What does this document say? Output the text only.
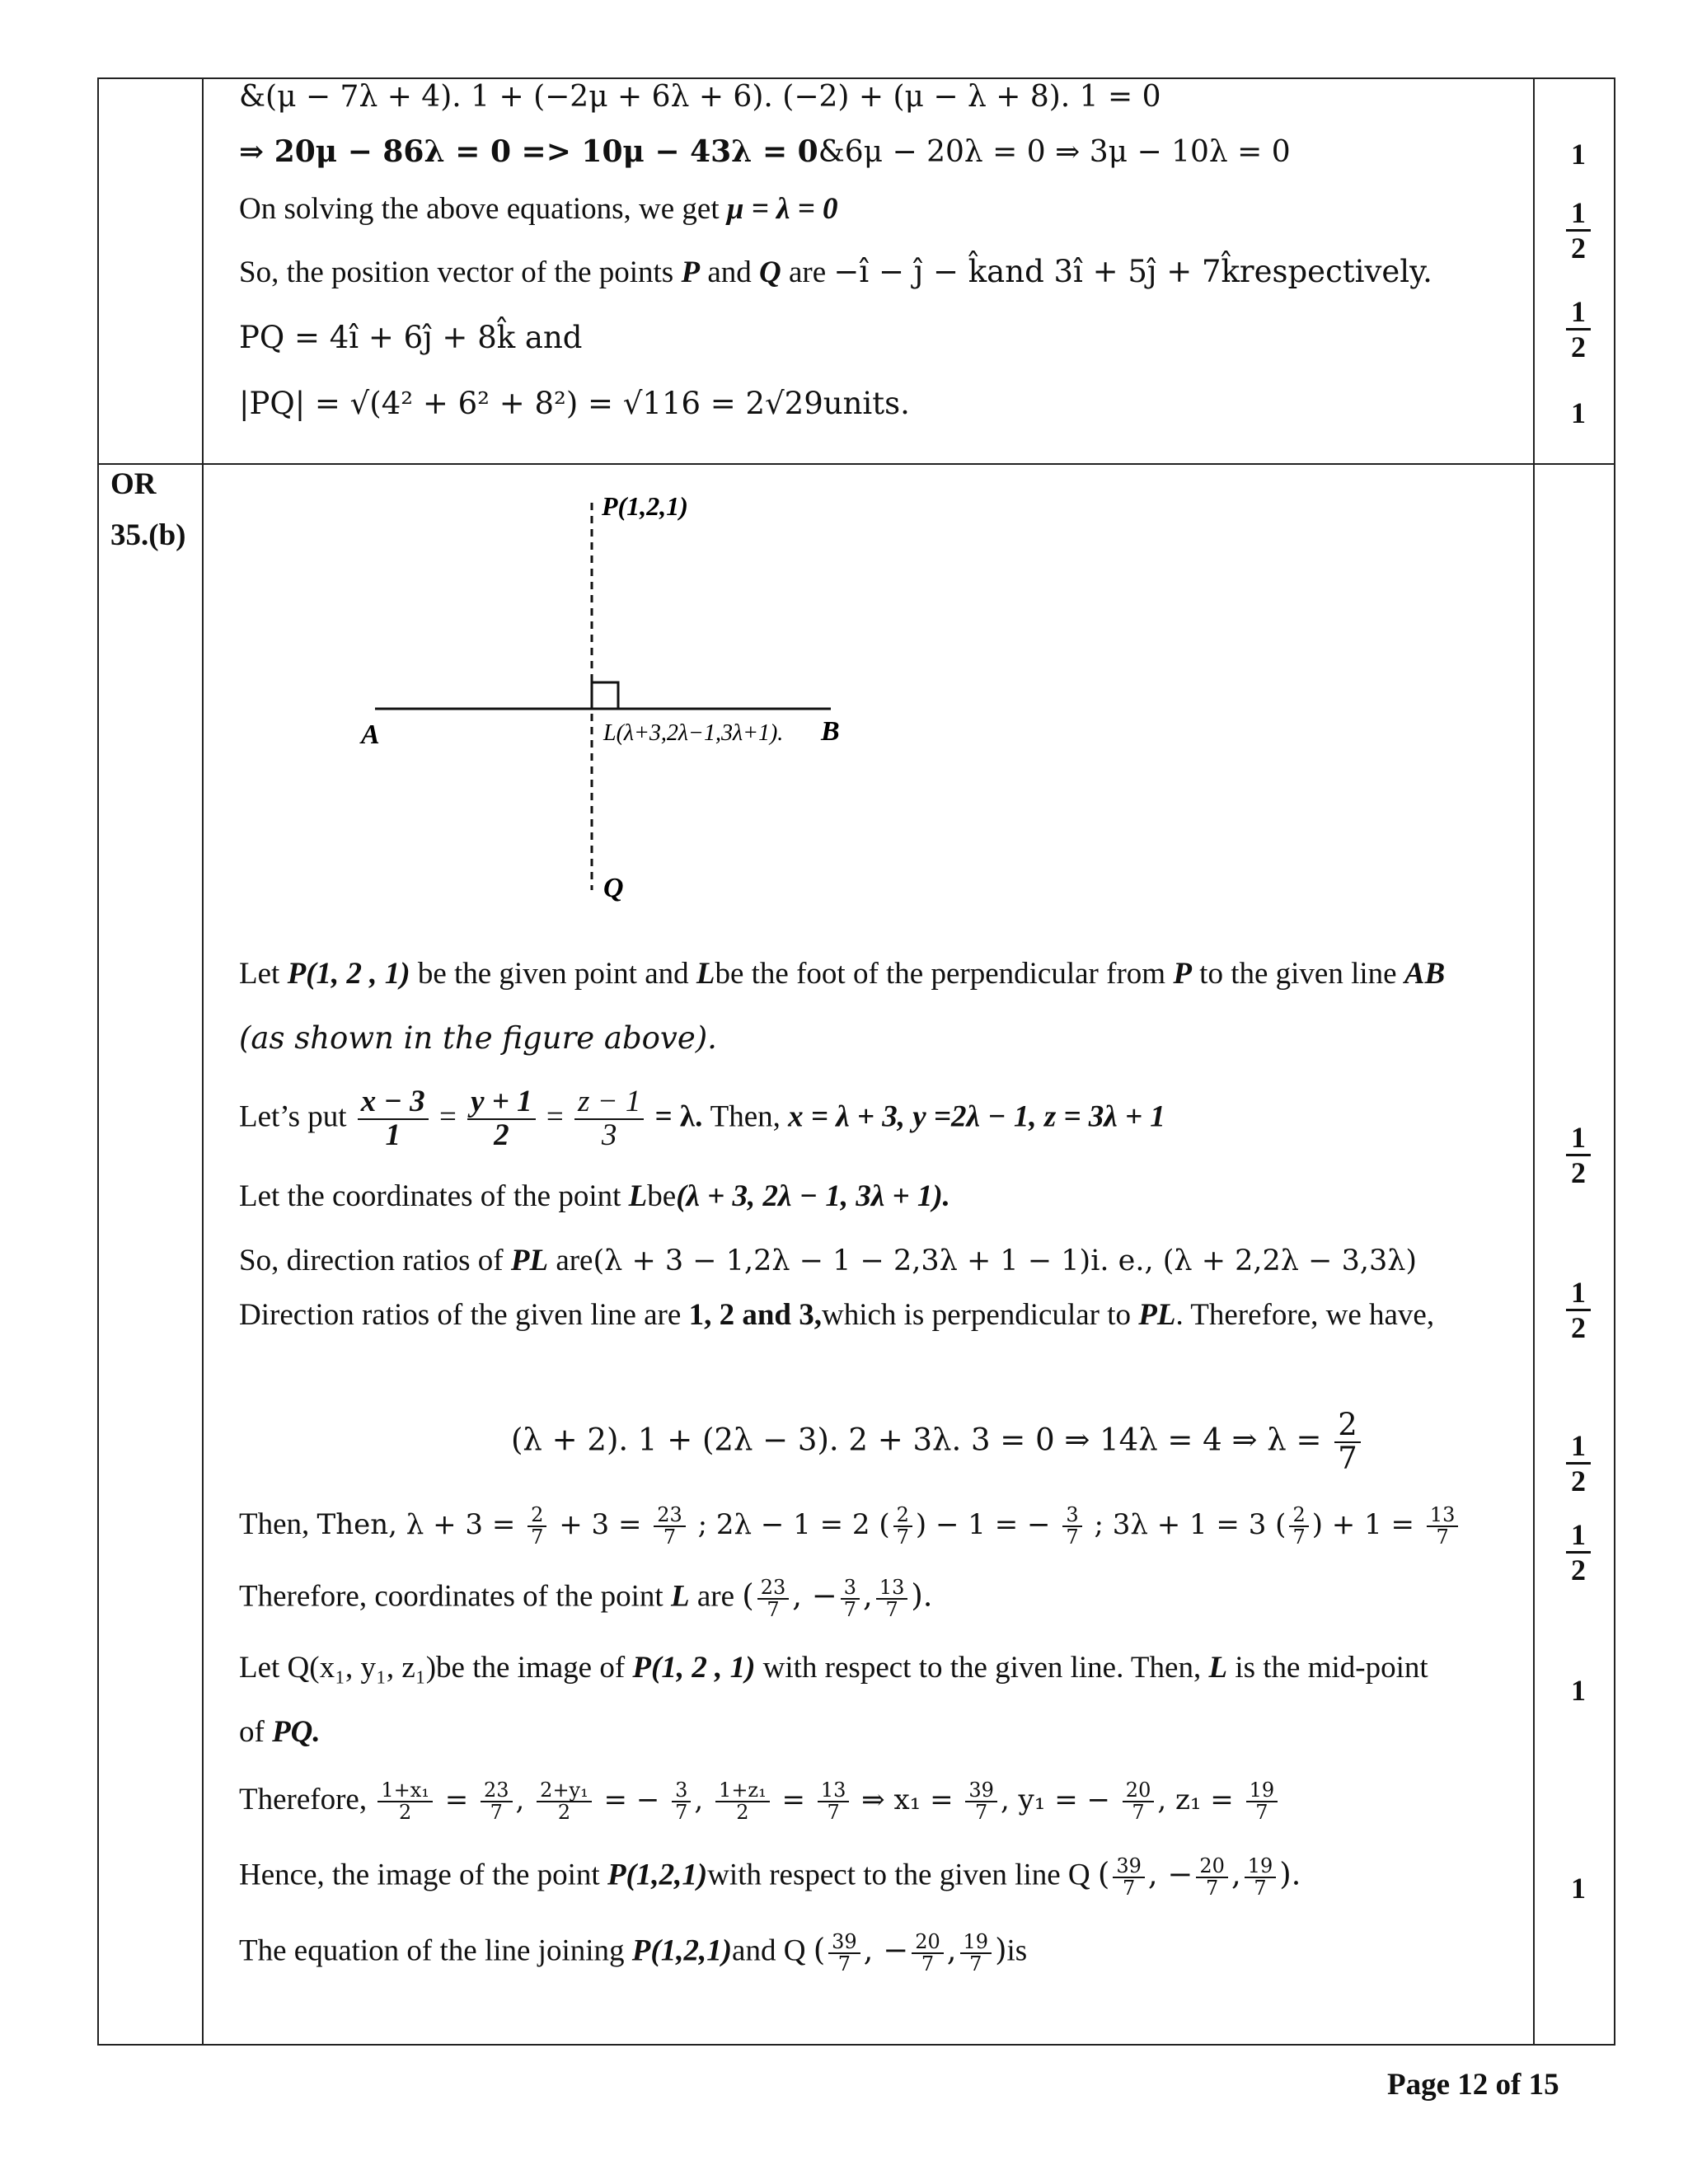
OR
35.(b)
&(μ − 7λ + 4). 1 + (−2μ + 6λ + 6). (−2) + (μ − λ + 8). 1 = 0
⇒ 20μ − 86λ = 0 => 10μ − 43λ = 0&6μ − 20λ = 0 ⇒ 3μ − 10λ = 0
On solving the above equations, we get μ = λ = 0
So, the position vector of the points P and Q are −î − ĵ − k̂and 3î + 5ĵ + 7k̂respectively.
PQ = 4î + 6ĵ + 8k̂ and
|PQ| = √(4² + 6² + 8²) = √116 = 2√29units.
1
$\frac{1}{2}$
$\frac{1}{2}$
1
P(1,2,1)
A	L(λ+3,2λ−1,3λ+1). B
Q
Let P(1, 2 , 1) be the given point and Lbe the foot of the perpendicular from P to the given line AB
(as shown in the figure above).
Let’s put $\frac{x - 3}{1} = \frac{y + 1}{2} = \frac{z - 1}{3} = \lambda$. Then, x = λ + 3, y =2λ − 1, z = 3λ + 1
Let the coordinates of the point Lbe(λ + 3, 2λ − 1, 3λ + 1).
So, direction ratios of PL are(λ + 3 − 1,2λ − 1 − 2,3λ + 1 − 1)i. e., (λ + 2,2λ − 3,3λ)
Direction ratios of the given line are 1, 2 and 3,which is perpendicular to PL. Therefore, we have,
(λ + 2). 1 + (2λ − 3). 2 + 3λ. 3 = 0 ⇒ 14λ = 4 ⇒ $\lambda = \frac{2}{7}$
Then, Then, $\lambda + 3 = \frac{2}{7} + 3 = \frac{23}{7}$ ; 2λ − 1 = 2 ( $\frac{2}{7}$ ) − 1 = − $\frac{3}{7}$ ; 3λ + 1 = 3 ( $\frac{2}{7}$ ) + $1 = \frac{13}{7}$
Therefore, coordinates of the point L are ( $\frac{23}{7}$ , − $\frac{3}{7}$ , $\frac{13}{7}$ ).
Let Q(x₁, y₁, z₁)be the image of P(1, 2 , 1) with respect to the given line. Then, L is the mid-point
of PQ.
Therefore, $\frac{\text{1+x₁}}{2} = \frac{23}{7}$ , $\frac{\text{2+y₁}}{2}$ = − $\frac{3}{7}$ , $\frac{\text{1+z₁}}{2} = \frac{13}{7}$ ⇒ $x_1 = \frac{39}{7}$ , y₁ = − $\frac{20}{7}$ , $z_1 = \frac{19}{7}$
Hence, the image of the point P(1,2,1)with respect to the given line Q ( $\frac{39}{7}$ , − $\frac{20}{7}$ , $\frac{19}{7}$ ).
The equation of the line joining P(1,2,1)and Q ( $\frac{39}{7}$ , − $\frac{20}{7}$ , $\frac{19}{7} )is$
$\frac{1}{2}$
$\frac{1}{2}$
$\frac{1}{2}$
$\frac{1}{2}$
1
1
Page 12 of 15
